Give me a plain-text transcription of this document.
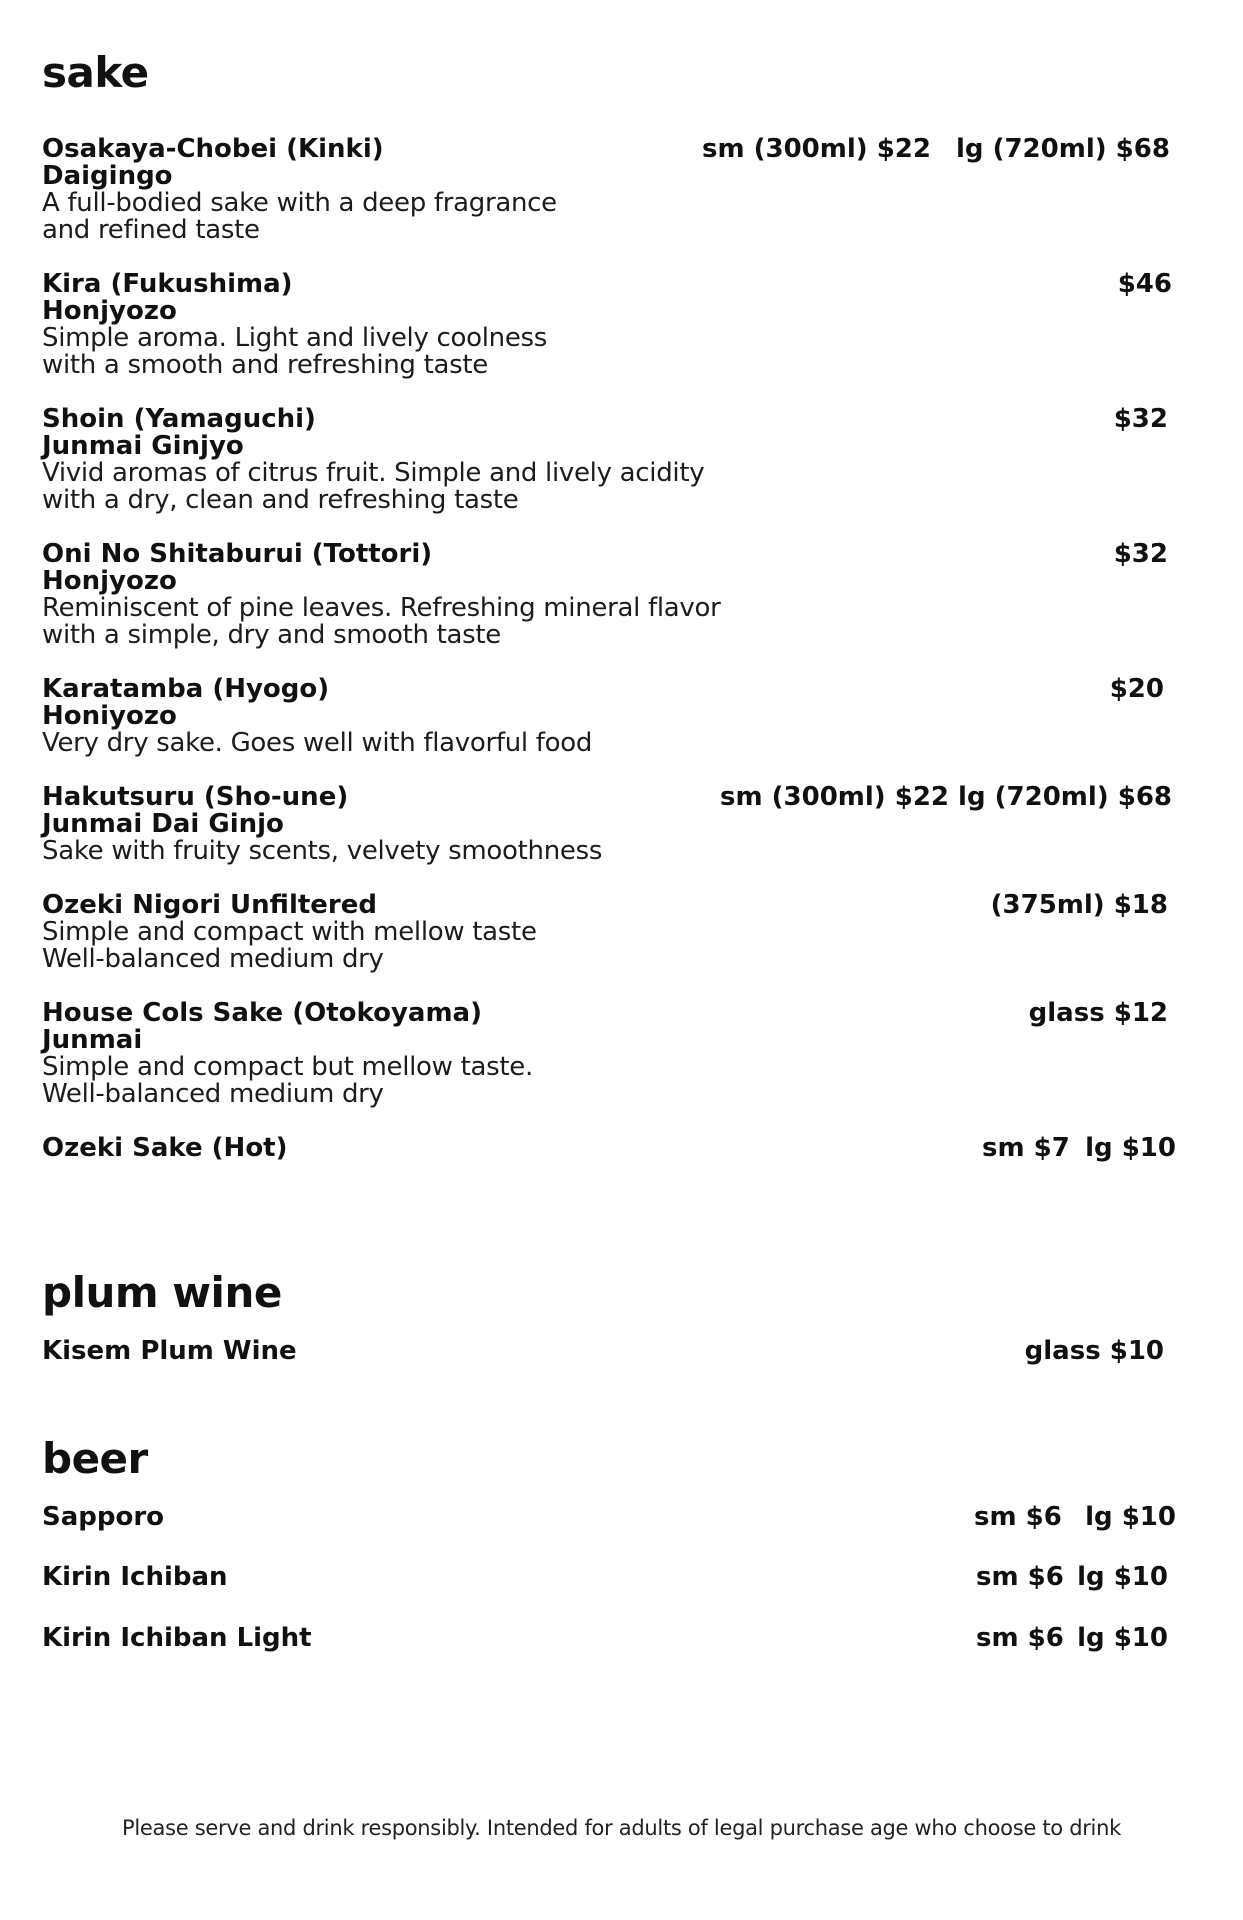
sake
Osakaya-Chobei (Kinki)
Daigingo
A full-bodied sake with a deep fragrance
and refined taste
sm (300ml) $22 lg (720ml) $68
Kira (Fukushima)
Honjyozo
Simple aroma. Light and lively coolness
with a smooth and refreshing taste
$46
Shoin (Yamaguchi)
Junmai Ginjyo
Vivid aromas of citrus fruit. Simple and lively acidity
with a dry, clean and refreshing taste
$32
Oni No Shitaburui (Tottori)
Honjyozo
Reminiscent of pine leaves. Refreshing mineral flavor
with a simple, dry and smooth taste
$32
Karatamba (Hyogo)
Honiyozo
Very dry sake. Goes well with flavorful food
$20
Hakutsuru (Sho-une)
Junmai Dai Ginjo
Sake with fruity scents, velvety smoothness
sm (300ml) $22 lg (720ml) $68
Ozeki Nigori Unfiltered
Simple and compact with mellow taste
Well-balanced medium dry
(375ml) $18
House Cols Sake (Otokoyama)
Junmai
Simple and compact but mellow taste.
Well-balanced medium dry
glass $12
Ozeki Sake (Hot)	sm $7 lg $10
plum wine
Kisem Plum Wine	glass $10
beer
Sapporo	sm $6 lg $10
Kirin Ichiban	sm $6 lg $10
Kirin Ichiban Light	sm $6 lg $10
Please serve and drink responsibly. Intended for adults of legal purchase age who choose to drink
